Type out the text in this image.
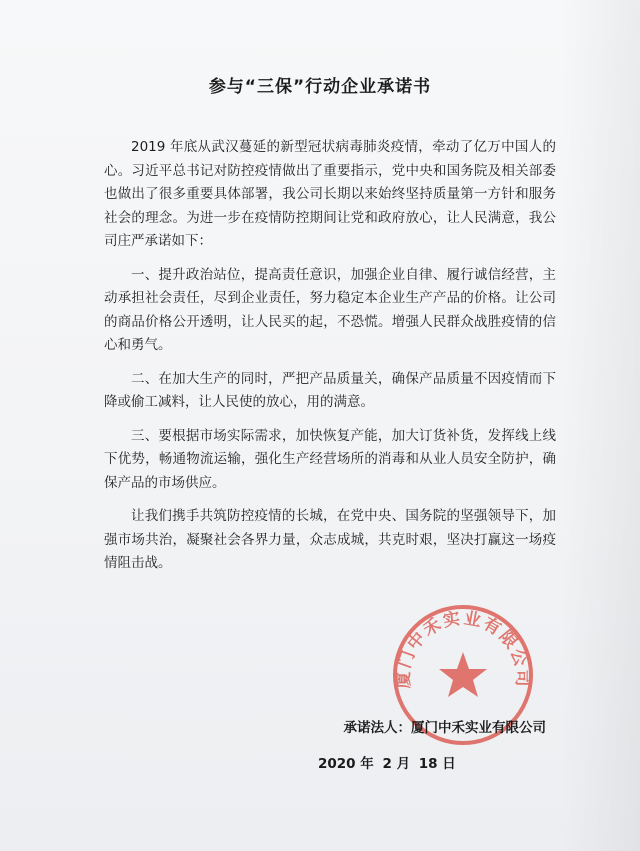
参与“三保”行动企业承诺书

2019 年底从武汉蔓延的新型冠状病毒肺炎疫情，牵动了亿万中国人的心。习近平总书记对防控疫情做出了重要指示，党中央和国务院及相关部委也做出了很多重要具体部署，我公司长期以来始终坚持质量第一方针和服务社会的理念。为进一步在疫情防控期间让党和政府放心，让人民满意，我公司庄严承诺如下：

一、提升政治站位，提高责任意识，加强企业自律、履行诚信经营，主动承担社会责任，尽到企业责任，努力稳定本企业生产产品的价格。让公司的商品价格公开透明，让人民买的起，不恐慌。增强人民群众战胜疫情的信心和勇气。

二、在加大生产的同时，严把产品质量关，确保产品质量不因疫情而下降或偷工减料，让人民使的放心，用的满意。

三、要根据市场实际需求，加快恢复产能，加大订货补货，发挥线上线下优势，畅通物流运输，强化生产经营场所的消毒和从业人员安全防护，确保产品的市场供应。

让我们携手共筑防控疫情的长城，在党中央、国务院的坚强领导下，加强市场共治，凝聚社会各界力量，众志成城，共克时艰，坚决打赢这一场疫情阻击战。

厦门中禾实业有限公司
承诺法人：厦门中禾实业有限公司
2020 年 2 月 18 日
